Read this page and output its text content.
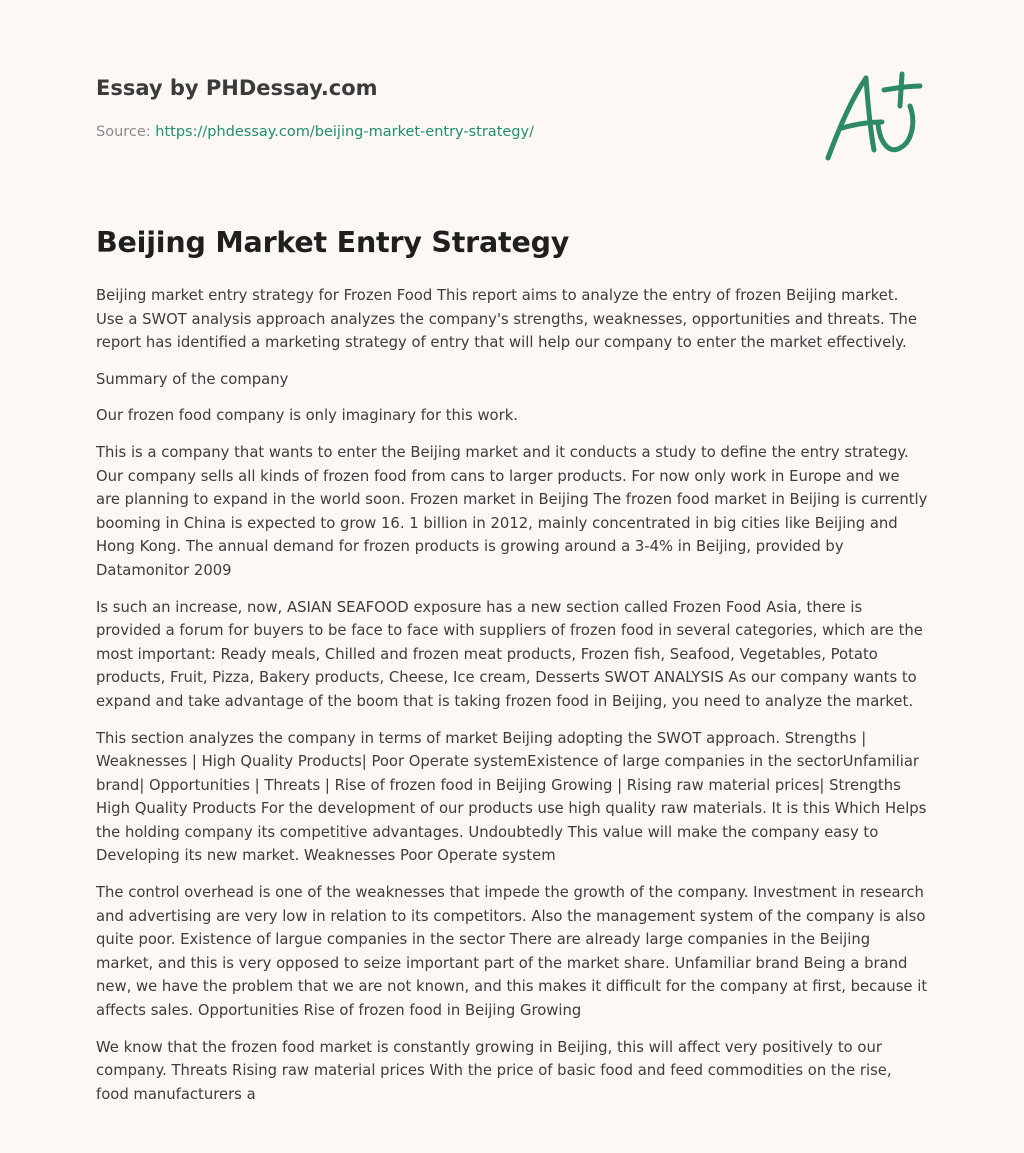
Essay by PHDessay.com

Source: https://phdessay.com/beijing-market-entry-strategy/

Beijing Market Entry Strategy

Beijing market entry strategy for Frozen Food This report aims to analyze the entry of frozen Beijing market. Use a SWOT analysis approach analyzes the company's strengths, weaknesses, opportunities and threats. The report has identified a marketing strategy of entry that will help our company to enter the market effectively.

Summary of the company

Our frozen food company is only imaginary for this work.

This is a company that wants to enter the Beijing market and it conducts a study to define the entry strategy. Our company sells all kinds of frozen food from cans to larger products. For now only work in Europe and we are planning to expand in the world soon. Frozen market in Beijing The frozen food market in Beijing is currently booming in China is expected to grow 16. 1 billion in 2012, mainly concentrated in big cities like Beijing and Hong Kong. The annual demand for frozen products is growing around a 3-4% in Beijing, provided by Datamonitor 2009

Is such an increase, now, ASIAN SEAFOOD exposure has a new section called Frozen Food Asia, there is provided a forum for buyers to be face to face with suppliers of frozen food in several categories, which are the most important: Ready meals, Chilled and frozen meat products, Frozen fish, Seafood, Vegetables, Potato products, Fruit, Pizza, Bakery products, Cheese, Ice cream, Desserts SWOT ANALYSIS As our company wants to expand and take advantage of the boom that is taking frozen food in Beijing, you need to analyze the market.

This section analyzes the company in terms of market Beijing adopting the SWOT approach. Strengths | Weaknesses | High Quality Products| Poor Operate systemExistence of large companies in the sectorUnfamiliar brand| Opportunities | Threats | Rise of frozen food in Beijing Growing | Rising raw material prices| Strengths High Quality Products For the development of our products use high quality raw materials. It is this Which Helps the holding company its competitive advantages. Undoubtedly This value will make the company easy to Developing its new market. Weaknesses Poor Operate system

The control overhead is one of the weaknesses that impede the growth of the company. Investment in research and advertising are very low in relation to its competitors. Also the management system of the company is also quite poor. Existence of largue companies in the sector There are already large companies in the Beijing market, and this is very opposed to seize important part of the market share. Unfamiliar brand Being a brand new, we have the problem that we are not known, and this makes it difficult for the company at first, because it affects sales. Opportunities Rise of frozen food in Beijing Growing

We know that the frozen food market is constantly growing in Beijing, this will affect very positively to our company. Threats Rising raw material prices With the price of basic food and feed commodities on the rise, food manufacturers a
